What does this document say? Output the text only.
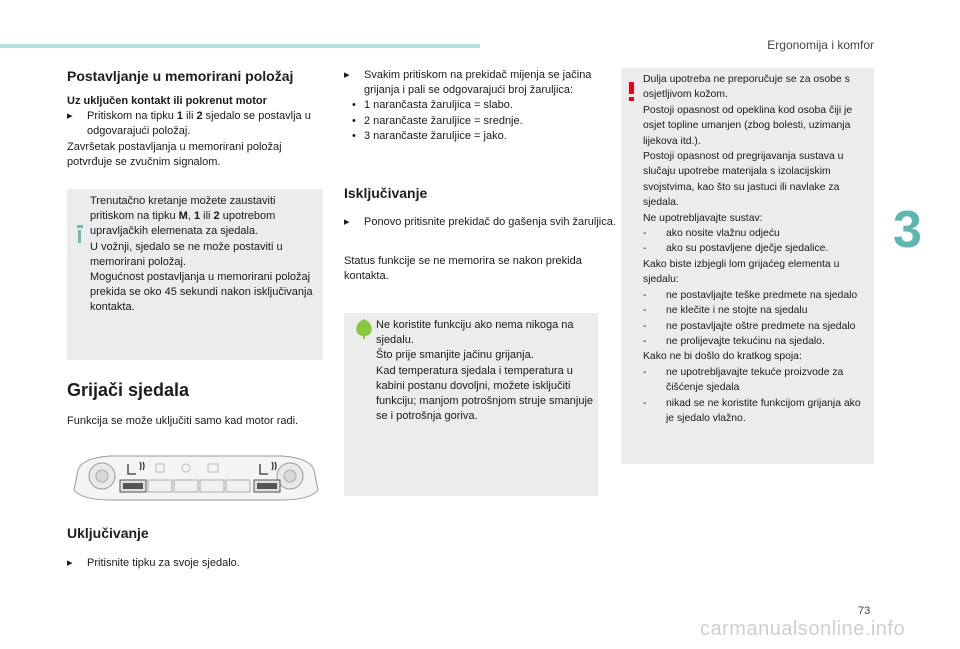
Ergonomija i komfor
3
73
carmanualsonline.info
Postavljanje u memorirani položaj

Uz uključen kontakt ili pokrenut motor

▸ Pritiskom na tipku 1 ili 2 sjedalo se postavlja u odgovarajući položaj.

Završetak postavljanja u memorirani položaj potvrđuje se zvučnim signalom.

Trenutačno kretanje možete zaustaviti pritiskom na tipku M, 1 ili 2 upotrebom upravljačkih elemenata za sjedala.

U vožnji, sjedalo se ne može postaviti u memorirani položaj.

Mogućnost postavljanja u memorirani položaj prekida se oko 45 sekundi nakon isključivanja kontakta.

Grijači sjedala

Funkcija se može uključiti samo kad motor radi.

Uključivanje
▸ Pritisnite tipku za svoje sjedalo.
▸ Svakim pritiskom na prekidač mijenja se jačina grijanja i pali se odgovarajući broj žaruljica:
• 1 narančasta žaruljica = slabo.
• 2 narančaste žaruljice = srednje.
• 3 narančaste žaruljice = jako.
Isključivanje
▸ Ponovo pritisnite prekidač do gašenja svih žaruljica.

Status funkcije se ne memorira se nakon prekida kontakta.

Ne koristite funkciju ako nema nikoga na sjedalu.

Što prije smanjite jačinu grijanja.

Kad temperatura sjedala i temperatura u kabini postanu dovoljni, možete isključiti funkciju; manjom potrošnjom struje smanjuje se i potrošnja goriva.

Dulja upotreba ne preporučuje se za osobe s osjetljivom kožom.

Postoji opasnost od opeklina kod osoba čiji je osjet topline umanjen (zbog bolesti, uzimanja lijekova itd.).

Postoji opasnost od pregrijavanja sustava u slučaju upotrebe materijala s izolacijskim svojstvima, kao što su jastuci ili navlake za sjedala.

Ne upotrebljavajte sustav:

- ako nosite vlažnu odjeću
- ako su postavljene dječje sjedalice.

Kako biste izbjegli lom grijaćeg elementa u sjedalu:

- ne postavljajte teške predmete na sjedalo
- ne klečite i ne stojte na sjedalu
- ne postavljajte oštre predmete na sjedalo
- ne prolijevajte tekućinu na sjedalo.

Kako ne bi došlo do kratkog spoja:

- ne upotrebljavajte tekuće proizvode za čišćenje sjedala
- nikad se ne koristite funkcijom grijanja ako je sjedalo vlažno.
